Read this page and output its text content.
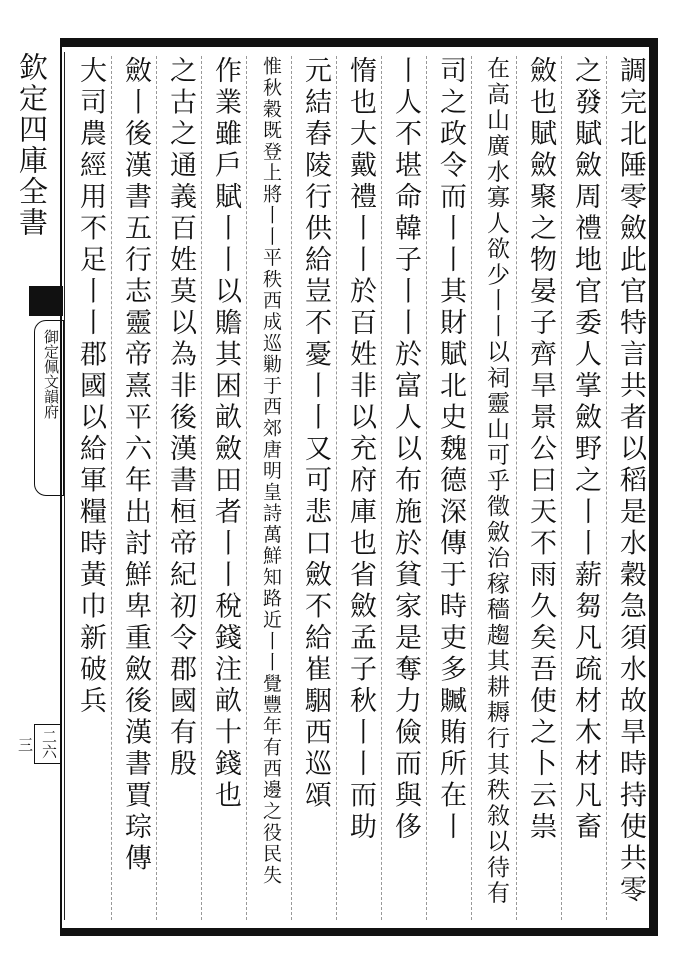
欽定四庫全書
御定佩文韻府
二六三	調完北陲零斂此官特言共者以稻是水穀急須水故旱時持使共零
之發賦斂周禮地官委人掌斂野之丨丨薪芻凡疏材木材凡畜
斂也賦斂聚之物晏子齊旱景公曰天不雨久矣吾使之卜云祟
在高山廣水寡人欲少丨丨以祠靈山可乎徵斂治稼穡趨其耕耨行其秩敘以待有
司之政令而丨丨其財賦北史魏德深傳于時吏多贓賄所在丨
丨人不堪命韓子丨丨於富人以布施於貧家是奪力儉而與侈
惰也大戴禮丨丨於百姓非以充府庫也省斂孟子秋丨丨而助
元結舂陵行供給豈不憂丨丨又可悲口斂不給崔駰西巡頌
惟秋穀既登上將丨丨平秩西成巡勦于西郊唐明皇詩萬鮮知路近丨丨覺豐年有西邊之役民失
作業雖戶賦丨丨以贍其困畝斂田者丨丨稅錢注畝十錢也
之古之通義百姓莫以為非後漢書桓帝紀初令郡國有殷
斂丨後漢書五行志靈帝熹平六年出討鮮卑重斂後漢書賈琮傳
大司農經用不足丨丨郡國以給軍糧時黃巾新破兵
